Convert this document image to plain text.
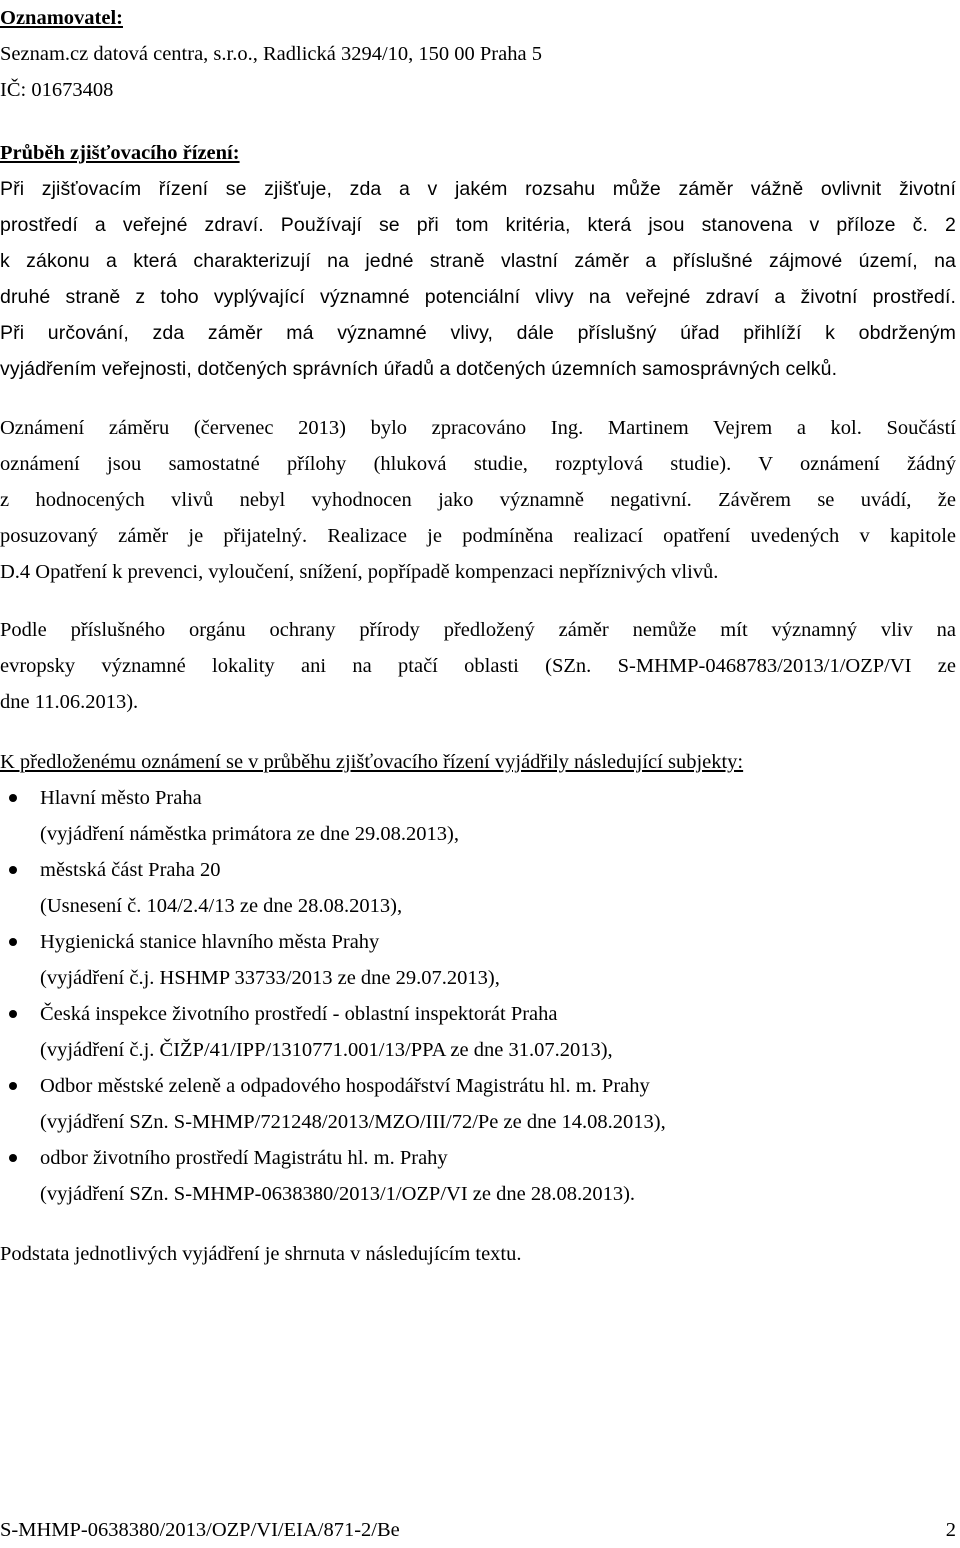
Oznamovatel:
Seznam.cz datová centra, s.r.o., Radlická 3294/10, 150 00 Praha 5
IČ: 01673408
Průběh zjišťovacího řízení:
Při zjišťovacím řízení se zjišťuje, zda a v jakém rozsahu může záměr vážně ovlivnit životní
prostředí a veřejné zdraví. Používají se při tom kritéria, která jsou stanovena v příloze č. 2
k zákonu a která charakterizují na jedné straně vlastní záměr a příslušné zájmové území, na
druhé straně z toho vyplývající významné potenciální vlivy na veřejné zdraví a životní prostředí.
Při určování, zda záměr má významné vlivy, dále příslušný úřad přihlíží k obdrženým
vyjádřením veřejnosti, dotčených správních úřadů a dotčených územních samosprávných celků.
Oznámení záměru (červenec 2013) bylo zpracováno Ing. Martinem Vejrem a kol. Součástí
oznámení jsou samostatné přílohy (hluková studie, rozptylová studie). V oznámení žádný
z hodnocených vlivů nebyl vyhodnocen jako významně negativní. Závěrem se uvádí, že
posuzovaný záměr je přijatelný. Realizace je podmíněna realizací opatření uvedených v kapitole
D.4 Opatření k prevenci, vyloučení, snížení, popřípadě kompenzaci nepříznivých vlivů.
Podle příslušného orgánu ochrany přírody předložený záměr nemůže mít významný vliv na
evropsky významné lokality ani na ptačí oblasti (SZn. S-MHMP-0468783/2013/1/OZP/VI ze
dne 11.06.2013).
K předloženému oznámení se v průběhu zjišťovacího řízení vyjádřily následující subjekty:
Hlavní město Praha
(vyjádření náměstka primátora ze dne 29.08.2013),
městská část Praha 20
(Usnesení č. 104/2.4/13 ze dne 28.08.2013),
Hygienická stanice hlavního města Prahy
(vyjádření č.j. HSHMP 33733/2013 ze dne 29.07.2013),
Česká inspekce životního prostředí - oblastní inspektorát Praha
(vyjádření č.j. ČIŽP/41/IPP/1310771.001/13/PPA ze dne 31.07.2013),
Odbor městské zeleně a odpadového hospodářství Magistrátu hl. m. Prahy
(vyjádření SZn. S-MHMP/721248/2013/MZO/III/72/Pe ze dne 14.08.2013),
odbor životního prostředí Magistrátu hl. m. Prahy
(vyjádření SZn. S-MHMP-0638380/2013/1/OZP/VI ze dne 28.08.2013).
Podstata jednotlivých vyjádření je shrnuta v následujícím textu.
S-MHMP-0638380/2013/OZP/VI/EIA/871-2/Be	2
